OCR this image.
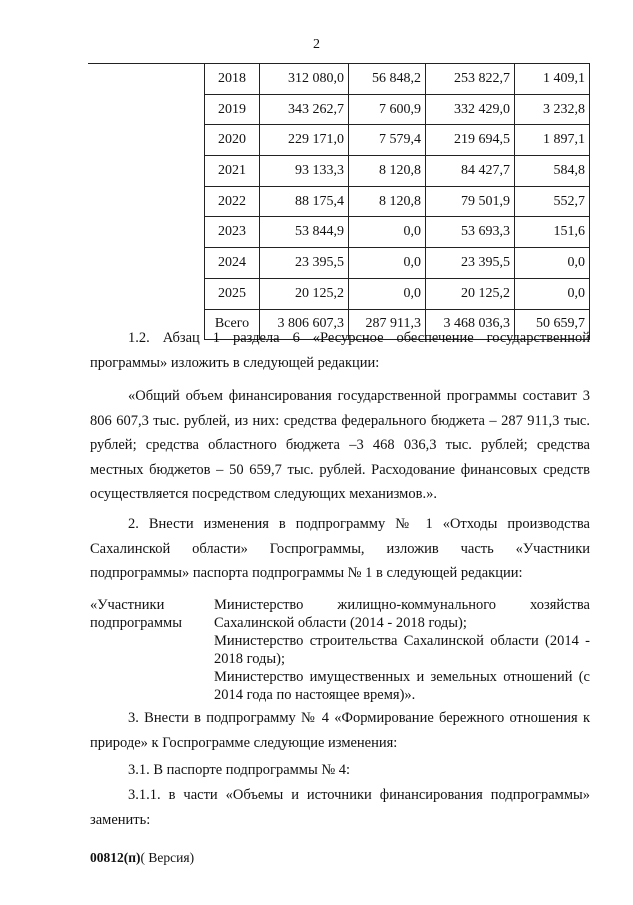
2
2018	312 080,0	56 848,2	253 822,7	1 409,1
2019	343 262,7	7 600,9	332 429,0	3 232,8
2020	229 171,0	7 579,4	219 694,5	1 897,1
2021	93 133,3	8 120,8	84 427,7	584,8
2022	88 175,4	8 120,8	79 501,9	552,7
2023	53 844,9	0,0	53 693,3	151,6
2024	23 395,5	0,0	23 395,5	0,0
2025	20 125,2	0,0	20 125,2	0,0
Всего	3 806 607,3	287 911,3	3 468 036,3	50 659,7

1.2. Абзац 1 раздела 6 «Ресурсное обеспечение государственной программы» изложить в следующей редакции:

«Общий объем финансирования государственной программы составит 3 806 607,3 тыс. рублей, из них: средства федерального бюджета – 287 911,3 тыс. рублей; средства областного бюджета –3 468 036,3 тыс. рублей; средства местных бюджетов – 50 659,7 тыс. рублей. Расходование финансовых средств осуществляется посредством следующих механизмов.».

2. Внести изменения в подпрограмму № 1 «Отходы производства Сахалинской области» Госпрограммы, изложив часть «Участники подпрограммы» паспорта подпрограммы № 1 в следующей редакции:

«Участники подпрограммы

Министерство жилищно-коммунального хозяйства Сахалинской области (2014 - 2018 годы);

Министерство строительства Сахалинской области (2014 - 2018 годы);

Министерство имущественных и земельных отношений (с 2014 года по настоящее время)».

3. Внести в подпрограмму № 4 «Формирование бережного отношения к природе» к Госпрограмме следующие изменения:

3.1. В паспорте подпрограммы № 4:

3.1.1. в части «Объемы и источники финансирования подпрограммы» заменить:

00812(п)( Версия)
